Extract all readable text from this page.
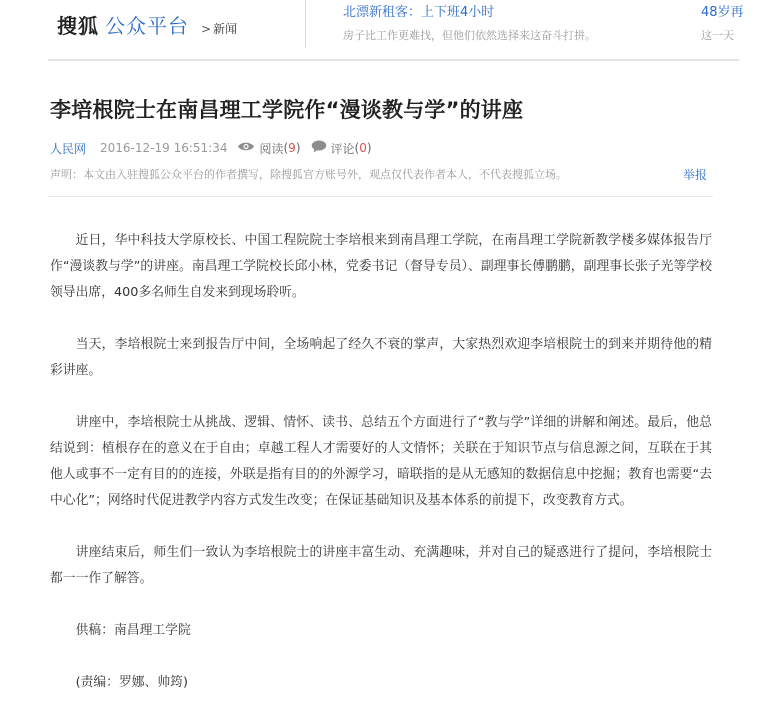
搜狐 公众平台 > 新闻
北漂新租客：上下班4小时
房子比工作更难找，但他们依然选择来这奋斗打拼。
48岁再
这一天
李培根院士在南昌理工学院作“漫谈教与学”的讲座
人民网 2016-12-19 16:51:34	阅读 ( 9 )	评论 ( 0 )
声明：本文由入驻搜狐公众平台的作者撰写，除搜狐官方账号外，观点仅代表作者本人，不代表搜狐立场。	举报

近日，华中科技大学原校长、中国工程院院士李培根来到南昌理工学院，在南昌理工学院新教学楼多媒体报告厅作“漫谈教与学”的讲座。南昌理工学院校长邱小林，党委书记（督导专员）、副理事长傅鹏鹏，副理事长张子光等学校领导出席，400多名师生自发来到现场聆听。

当天，李培根院士来到报告厅中间，全场响起了经久不衰的掌声，大家热烈欢迎李培根院士的到来并期待他的精彩讲座。

讲座中，李培根院士从挑战、逻辑、情怀、读书、总结五个方面进行了“教与学”详细的讲解和阐述。最后，他总结说到：植根存在的意义在于自由；卓越工程人才需要好的人文情怀；关联在于知识节点与信息源之间，互联在于其他人或事不一定有目的的连接，外联是指有目的的外源学习，暗联指的是从无感知的数据信息中挖掘；教育也需要“去中心化”；网络时代促进教学内容方式发生改变；在保证基础知识及基本体系的前提下，改变教育方式。

讲座结束后，师生们一致认为李培根院士的讲座丰富生动、充满趣味，并对自己的疑惑进行了提问，李培根院士都一一作了解答。

供稿：南昌理工学院

(责编：罗娜、帅筠)
